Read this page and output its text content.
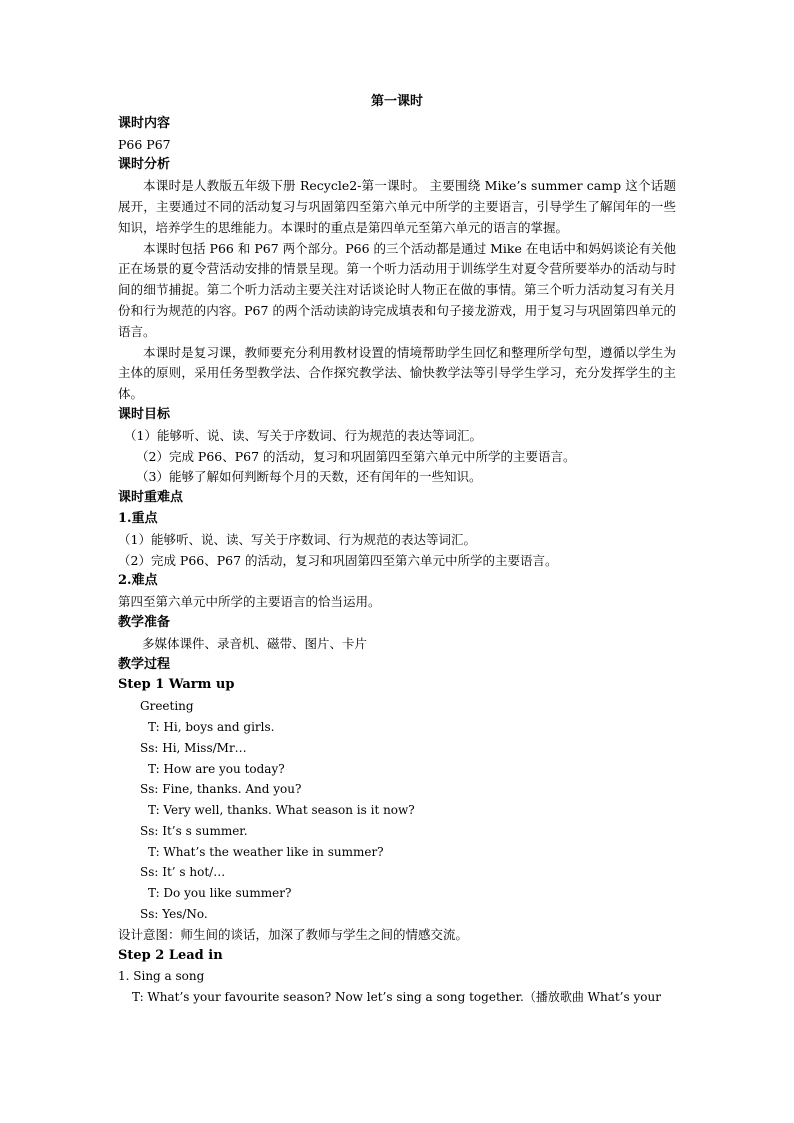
第一课时
课时内容
P66 P67
课时分析
本课时是人教版五年级下册 Recycle2-第一课时。 主要围绕 Mike’s summer camp 这个话题展开，主要通过不同的活动复习与巩固第四至第六单元中所学的主要语言，引导学生了解闰年的一些知识，培养学生的思维能力。本课时的重点是第四单元至第六单元的语言的掌握。
本课时包括 P66 和 P67 两个部分。P66 的三个活动都是通过 Mike 在电话中和妈妈谈论有关他正在场景的夏令营活动安排的情景呈现。第一个听力活动用于训练学生对夏令营所要举办的活动与时间的细节捕捉。第二个听力活动主要关注对话谈论时人物正在做的事情。第三个听力活动复习有关月份和行为规范的内容。P67 的两个活动读韵诗完成填表和句子接龙游戏，用于复习与巩固第四单元的语言。
本课时是复习课，教师要充分利用教材设置的情境帮助学生回忆和整理所学句型，遵循以学生为主体的原则，采用任务型教学法、合作探究教学法、愉快教学法等引导学生学习，充分发挥学生的主体。
课时目标
（1）能够听、说、读、写关于序数词、行为规范的表达等词汇。
（2）完成 P66、P67 的活动，复习和巩固第四至第六单元中所学的主要语言。
（3）能够了解如何判断每个月的天数，还有闰年的一些知识。
课时重难点
1.重点
（1）能够听、说、读、写关于序数词、行为规范的表达等词汇。
（2）完成 P66、P67 的活动，复习和巩固第四至第六单元中所学的主要语言。
2.难点
第四至第六单元中所学的主要语言的恰当运用。
教学准备
多媒体课件、录音机、磁带、图片、卡片
教学过程
Step 1 Warm up
Greeting
T: Hi, boys and girls.
Ss: Hi, Miss/Mr…
T: How are you today?
Ss: Fine, thanks. And you?
T: Very well, thanks. What season is it now?
Ss: It’s s summer.
T: What’s the weather like in summer?
Ss: It’ s hot/…
T: Do you like summer?
Ss: Yes/No.
设计意图：师生间的谈话，加深了教师与学生之间的情感交流。
Step 2 Lead in
1. Sing a song
T: What’s your favourite season? Now let’s sing a song together.（播放歌曲 What’s your
